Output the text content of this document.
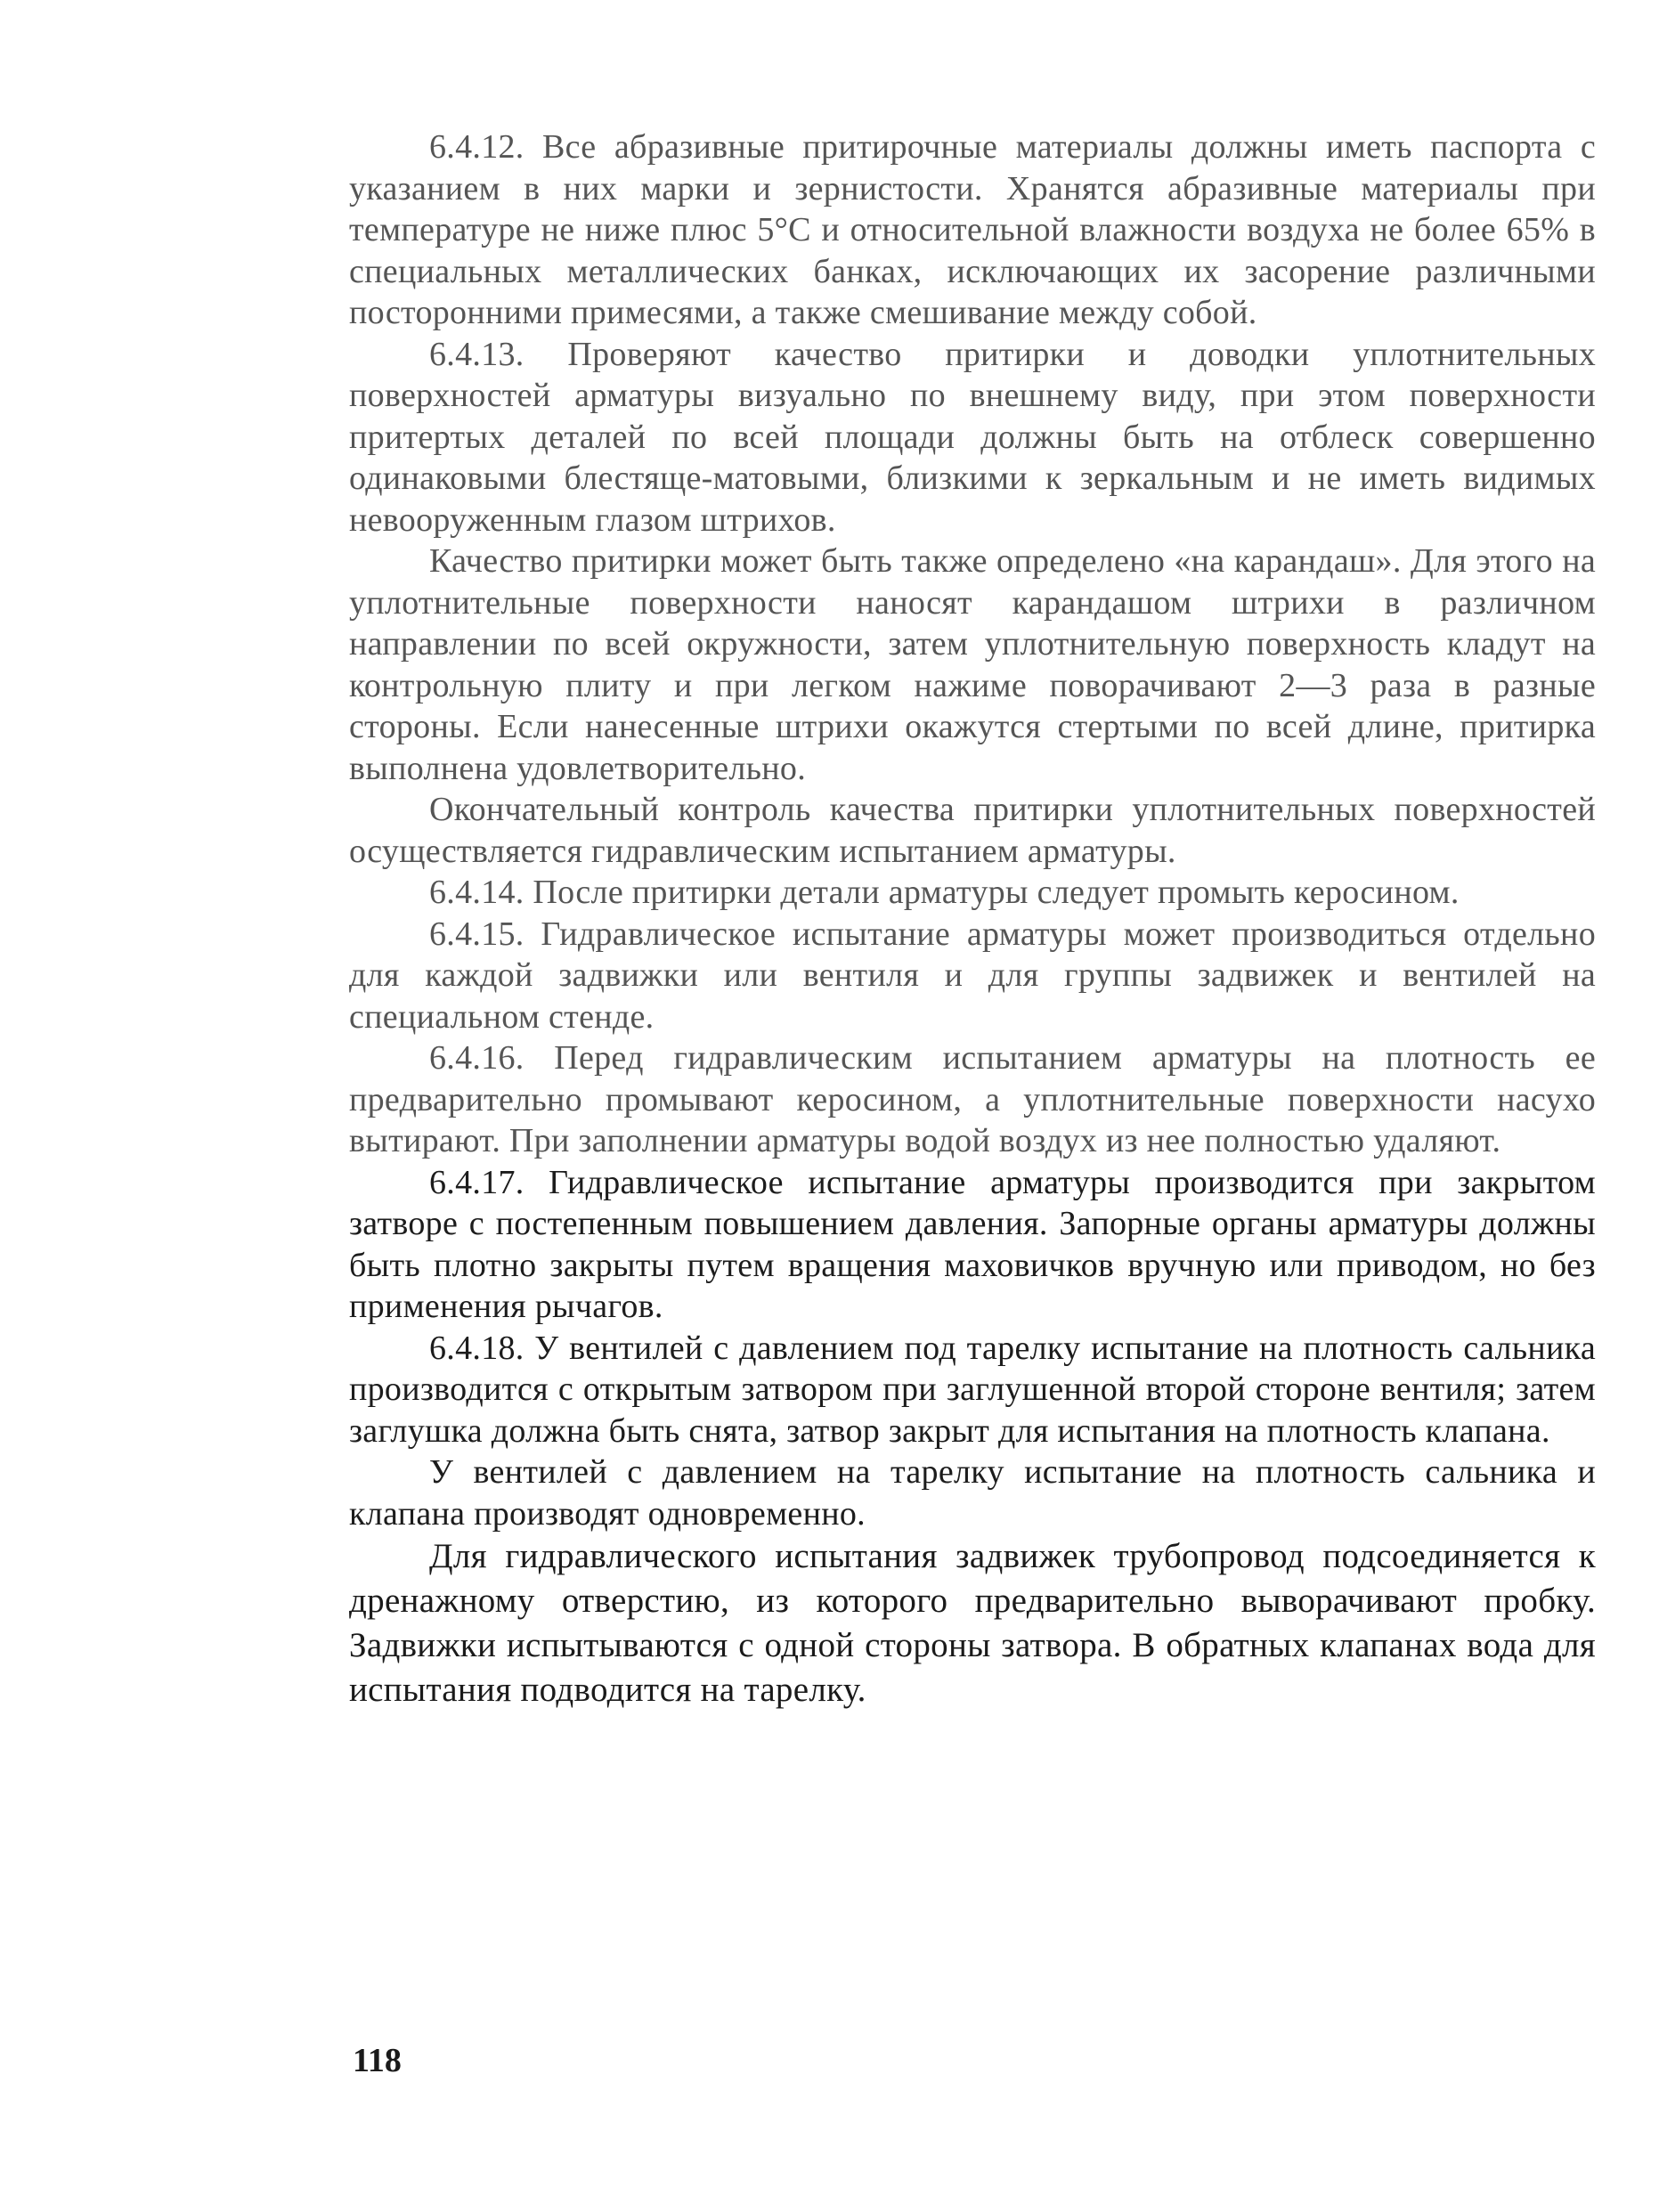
6.4.12. Все абразивные притирочные материалы должны иметь паспорта с указанием в них марки и зернистости. Хранятся абразивные материалы при температуре не ниже плюс 5°С и относительной влажности воздуха не более 65% в специальных металлических банках, исключающих их засорение различными посторонними примесями, а также смешивание между собой.

6.4.13. Проверяют качество притирки и доводки уплотнительных поверхностей арматуры визуально по внешнему виду, при этом поверхности притертых деталей по всей площади должны быть на отблеск совершенно одинаковыми блестяще-матовыми, близкими к зеркальным и не иметь видимых невооруженным глазом штрихов.

Качество притирки может быть также определено «на карандаш». Для этого на уплотнительные поверхности наносят карандашом штрихи в различном направлении по всей окружности, затем уплотнительную поверхность кладут на контрольную плиту и при легком нажиме поворачивают 2—3 раза в разные стороны. Если нанесенные штрихи окажутся стертыми по всей длине, притирка выполнена удовлетворительно.

Окончательный контроль качества притирки уплотнительных поверхностей осуществляется гидравлическим испытанием арматуры.

6.4.14. После притирки детали арматуры следует промыть керосином.

6.4.15. Гидравлическое испытание арматуры может производиться отдельно для каждой задвижки или вентиля и для группы задвижек и вентилей на специальном стенде.

6.4.16. Перед гидравлическим испытанием арматуры на плотность ее предварительно промывают керосином, а уплотнительные поверхности насухо вытирают. При заполнении арматуры водой воздух из нее полностью удаляют.

6.4.17. Гидравлическое испытание арматуры производится при закрытом затворе с постепенным повышением давления. Запорные органы арматуры должны быть плотно закрыты путем вращения маховичков вручную или приводом, но без применения рычагов.

6.4.18. У вентилей с давлением под тарелку испытание на плотность сальника производится с открытым затвором при заглушенной второй стороне вентиля; затем заглушка должна быть снята, затвор закрыт для испытания на плотность клапана.

У вентилей с давлением на тарелку испытание на плотность сальника и клапана производят одновременно.

Для гидравлического испытания задвижек трубопровод подсоединяется к дренажному отверстию, из которого предварительно выворачивают пробку. Задвижки испытываются с одной стороны затвора. В обратных клапанах вода для испытания подводится на тарелку.

118
